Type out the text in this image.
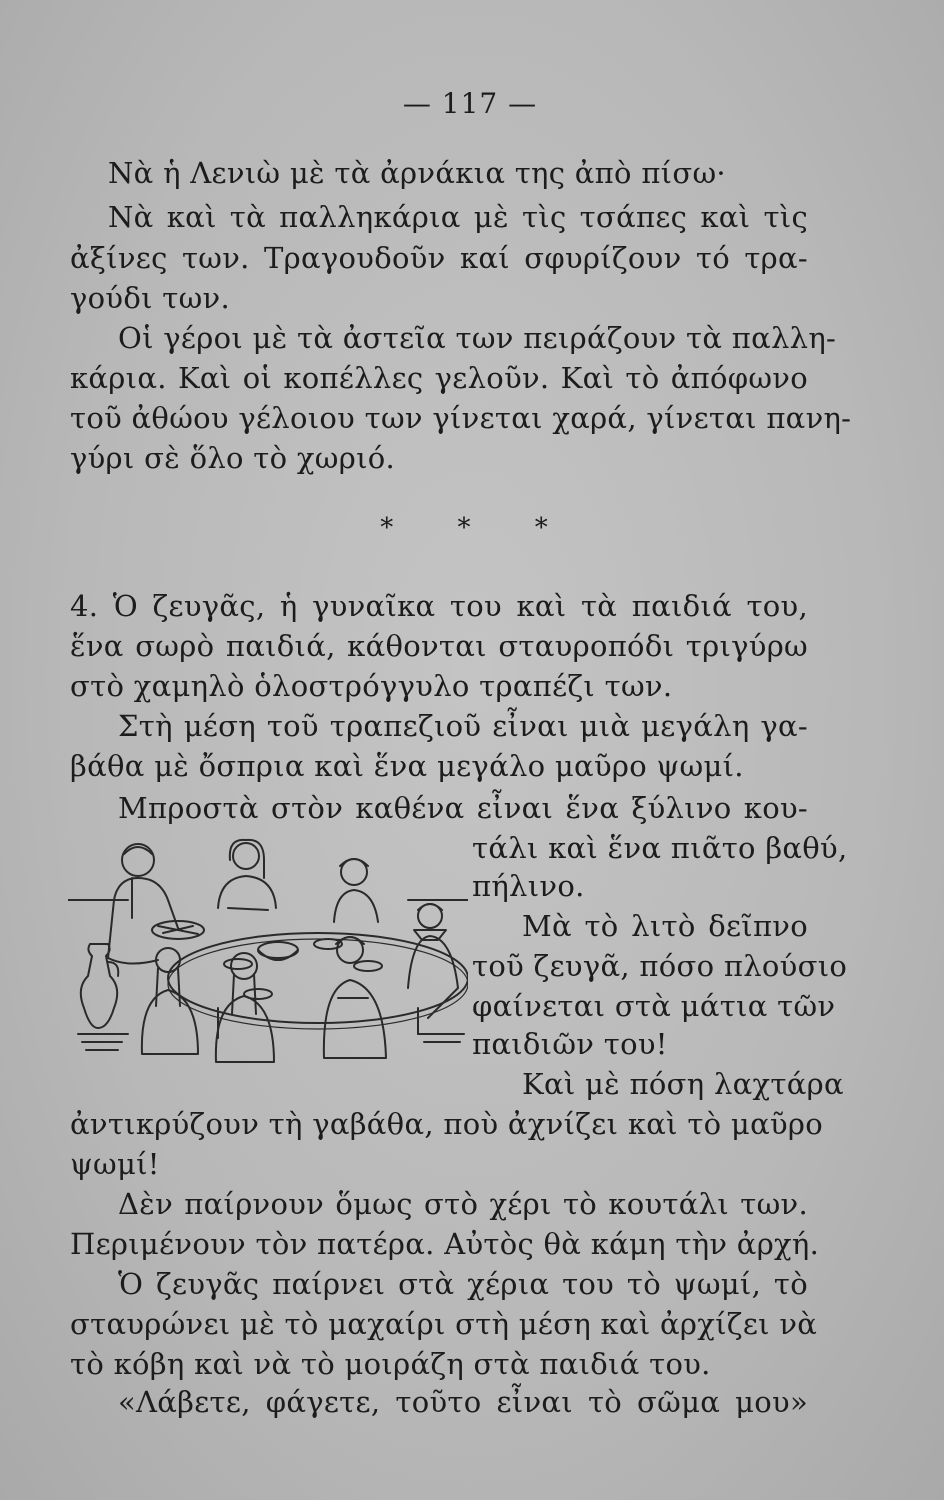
— 117 —
Νὰ ἡ Λενιὼ μὲ τὰ ἀρνάκια της ἀπὸ πίσω·
Νὰ καὶ τὰ παλληκάρια μὲ τὶς τσάπες καὶ τὶς
ἀξίνες των. Τραγουδοῦν καί σφυρίζουν τό τρα-
γούδι των.
Οἱ γέροι μὲ τὰ ἀστεῖα των πειράζουν τὰ παλλη-
κάρια. Καὶ οἱ κοπέλλες γελοῦν. Καὶ τὸ ἀπόφωνο
τοῦ ἀθώου γέλοιου των γίνεται χαρά, γίνεται πανη-
γύρι σὲ ὅλο τὸ χωριό.
* * *
4. Ὁ ζευγᾶς, ἡ γυναῖκα του καὶ τὰ παιδιά του,
ἕνα σωρὸ παιδιά, κάθονται σταυροπόδι τριγύρω
στὸ χαμηλὸ ὁλοστρόγγυλο τραπέζι των.
Στὴ μέση τοῦ τραπεζιοῦ εἶναι μιὰ μεγάλη γα-
βάθα μὲ ὄσπρια καὶ ἕνα μεγάλο μαῦρο ψωμί.
Μπροστὰ στὸν καθένα εἶναι ἕνα ξύλινο κου-
τάλι καὶ ἕνα πιᾶτο βαθύ,
πήλινο.
Μὰ τὸ λιτὸ δεῖπνο
τοῦ ζευγᾶ, πόσο πλούσιο
φαίνεται στὰ μάτια τῶν
παιδιῶν του!
Καὶ μὲ πόση λαχτάρα
ἀντικρύζουν τὴ γαβάθα, ποὺ ἀχνίζει καὶ τὸ μαῦρο
ψωμί!
Δὲν παίρνουν ὅμως στὸ χέρι τὸ κουτάλι των.
Περιμένουν τὸν πατέρα. Αὐτὸς θὰ κάμη τὴν ἀρχή.
Ὁ ζευγᾶς παίρνει στὰ χέρια του τὸ ψωμί, τὸ
σταυρώνει μὲ τὸ μαχαίρι στὴ μέση καὶ ἀρχίζει νὰ
τὸ κόβη καὶ νὰ τὸ μοιράζη στὰ παιδιά του.
«Λάβετε, φάγετε, τοῦτο εἶναι τὸ σῶμα μου»
